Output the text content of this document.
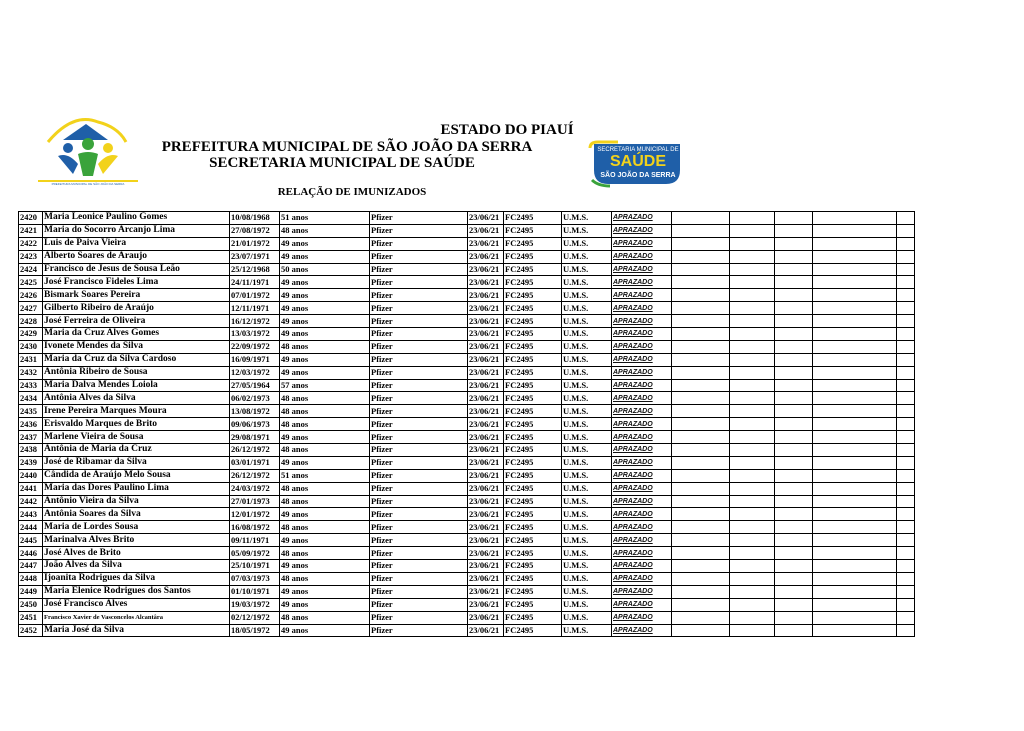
PREFEITURA MUNICIPAL DE SÃO JOÃO DA SERRA
ESTADO DO PIAUÍ
PREFEITURA MUNICIPAL DE SÃO JOÃO DA SERRA
SECRETARIA MUNICIPAL DE SAÚDE
RELAÇÃO DE IMUNIZADOS
SECRETARIA MUNICIPAL DE
SAÚDE
SÃO JOÃO DA SERRA
2420	Maria Leonice Paulino Gomes	10/08/1968	51 anos	Pfizer	23/06/21	FC2495	U.M.S.	APRAZADO					
2421	Maria do Socorro Arcanjo Lima	27/08/1972	48 anos	Pfizer	23/06/21	FC2495	U.M.S.	APRAZADO					
2422	Luis de Paiva Vieira	21/01/1972	49 anos	Pfizer	23/06/21	FC2495	U.M.S.	APRAZADO					
2423	Alberto Soares de Araujo	23/07/1971	49 anos	Pfizer	23/06/21	FC2495	U.M.S.	APRAZADO					
2424	Francisco de Jesus de Sousa Leão	25/12/1968	50 anos	Pfizer	23/06/21	FC2495	U.M.S.	APRAZADO					
2425	José Francisco Fideles Lima	24/11/1971	49 anos	Pfizer	23/06/21	FC2495	U.M.S.	APRAZADO					
2426	Bismark Soares Pereira	07/01/1972	49 anos	Pfizer	23/06/21	FC2495	U.M.S.	APRAZADO					
2427	Gilberto Ribeiro de Araújo	12/11/1971	49 anos	Pfizer	23/06/21	FC2495	U.M.S.	APRAZADO					
2428	José Ferreira de Oliveira	16/12/1972	49 anos	Pfizer	23/06/21	FC2495	U.M.S.	APRAZADO					
2429	Maria da Cruz Alves Gomes	13/03/1972	49 anos	Pfizer	23/06/21	FC2495	U.M.S.	APRAZADO					
2430	Ivonete Mendes da Silva	22/09/1972	48 anos	Pfizer	23/06/21	FC2495	U.M.S.	APRAZADO					
2431	Maria da Cruz da Silva Cardoso	16/09/1971	49 anos	Pfizer	23/06/21	FC2495	U.M.S.	APRAZADO					
2432	Antônia Ribeiro de Sousa	12/03/1972	49 anos	Pfizer	23/06/21	FC2495	U.M.S.	APRAZADO					
2433	Maria Dalva Mendes Loiola	27/05/1964	57 anos	Pfizer	23/06/21	FC2495	U.M.S.	APRAZADO					
2434	Antônia Alves da Silva	06/02/1973	48 anos	Pfizer	23/06/21	FC2495	U.M.S.	APRAZADO					
2435	Irene Pereira Marques Moura	13/08/1972	48 anos	Pfizer	23/06/21	FC2495	U.M.S.	APRAZADO					
2436	Erisvaldo Marques de Brito	09/06/1973	48 anos	Pfizer	23/06/21	FC2495	U.M.S.	APRAZADO					
2437	Marlene Vieira de Sousa	29/08/1971	49 anos	Pfizer	23/06/21	FC2495	U.M.S.	APRAZADO					
2438	Antônia de Maria da Cruz	26/12/1972	48 anos	Pfizer	23/06/21	FC2495	U.M.S.	APRAZADO					
2439	José de Ribamar da Silva	03/01/1971	49 anos	Pfizer	23/06/21	FC2495	U.M.S.	APRAZADO					
2440	Cândida de Araújo Melo Sousa	26/12/1972	51 anos	Pfizer	23/06/21	FC2495	U.M.S.	APRAZADO					
2441	Maria das Dores Paulino Lima	24/03/1972	48 anos	Pfizer	23/06/21	FC2495	U.M.S.	APRAZADO					
2442	Antônio Vieira da Silva	27/01/1973	48 anos	Pfizer	23/06/21	FC2495	U.M.S.	APRAZADO					
2443	Antônia Soares da Silva	12/01/1972	49 anos	Pfizer	23/06/21	FC2495	U.M.S.	APRAZADO					
2444	Maria de Lordes Sousa	16/08/1972	48 anos	Pfizer	23/06/21	FC2495	U.M.S.	APRAZADO					
2445	Marinalva Alves Brito	09/11/1971	49 anos	Pfizer	23/06/21	FC2495	U.M.S.	APRAZADO					
2446	José Alves de Brito	05/09/1972	48 anos	Pfizer	23/06/21	FC2495	U.M.S.	APRAZADO					
2447	João Alves da Silva	25/10/1971	49 anos	Pfizer	23/06/21	FC2495	U.M.S.	APRAZADO					
2448	Ijoanita Rodrigues da Silva	07/03/1973	48 anos	Pfizer	23/06/21	FC2495	U.M.S.	APRAZADO					
2449	Maria Elenice Rodrigues dos Santos	01/10/1971	49 anos	Pfizer	23/06/21	FC2495	U.M.S.	APRAZADO					
2450	José Francisco Alves	19/03/1972	49 anos	Pfizer	23/06/21	FC2495	U.M.S.	APRAZADO					
2451	Francisco Xavier de Vasconcelos Alcantâra	02/12/1972	48 anos	Pfizer	23/06/21	FC2495	U.M.S.	APRAZADO					
2452	Maria José da Silva	18/05/1972	49 anos	Pfizer	23/06/21	FC2495	U.M.S.	APRAZADO					
